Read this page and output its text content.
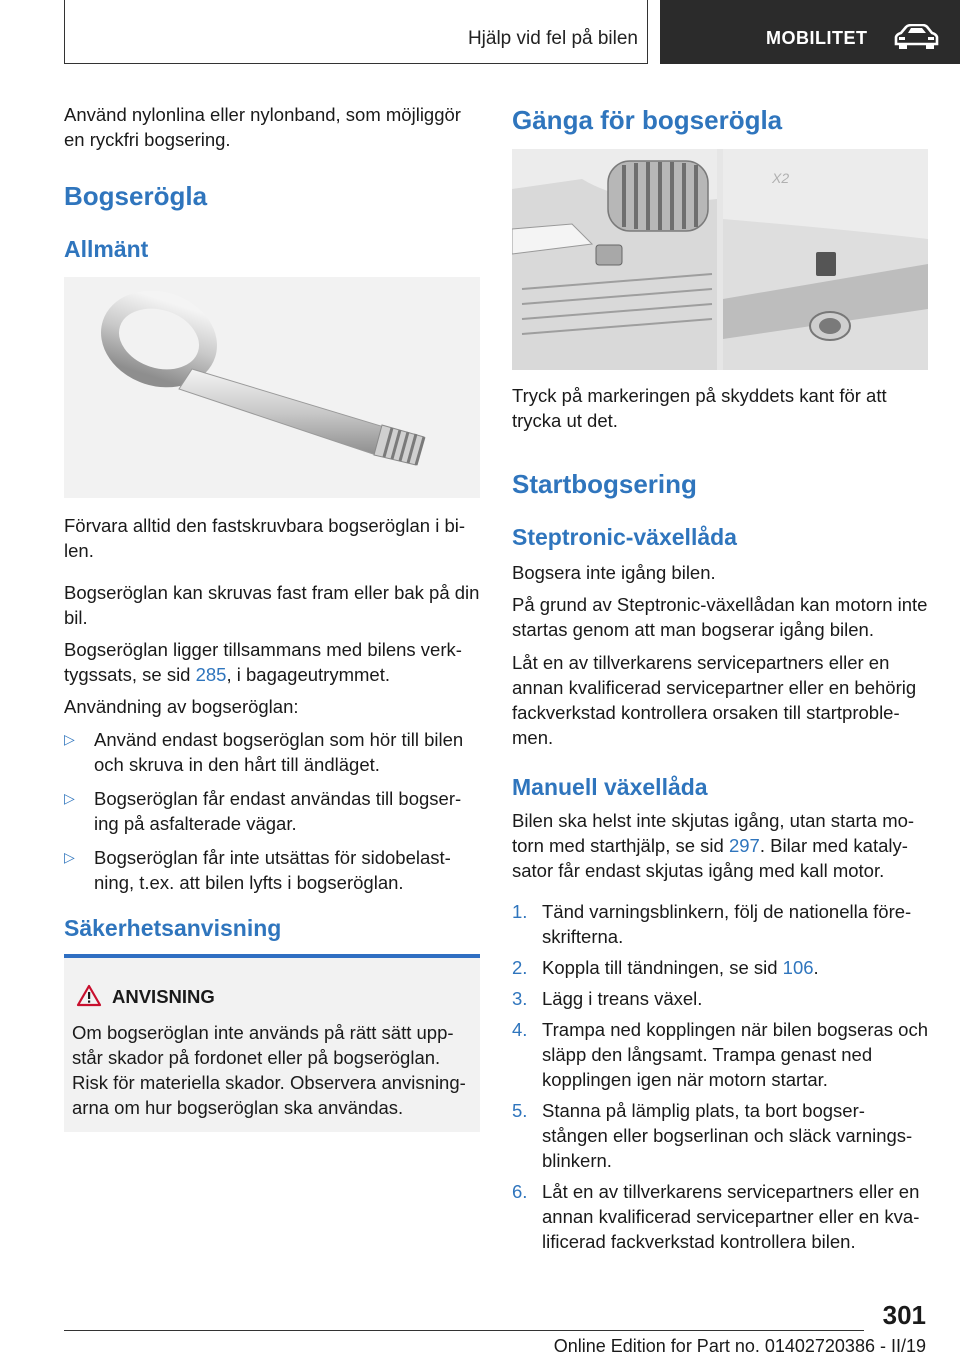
Hjälp vid fel på bilen	MOBILITET

Använd nylonlina eller nylonband, som möjliggör en ryckfri bogsering.

Bogserögla
Allmänt

Förvara alltid den fastskruvbara bogseröglan i bi-len.

Bogseröglan kan skruvas fast fram eller bak på din bil.

Bogseröglan ligger tillsammans med bilens verk-tygssats, se sid 285, i bagageutrymmet.

Användning av bogseröglan:

▷ Använd endast bogseröglan som hör till bilen och skruva in den hårt till ändläget.
▷ Bogseröglan får endast användas till bogser-ing på asfalterade vägar.
▷ Bogseröglan får inte utsättas för sidobelast-ning, t.ex. att bilen lyfts i bogseröglan.
Säkerhetsanvisning
ANVISNING
Om bogseröglan inte används på rätt sätt upp-står skador på fordonet eller på bogseröglan. Risk för materiella skador. Observera anvisning-arna om hur bogseröglan ska användas.
Gänga för bogserögla
X2

Tryck på markeringen på skyddets kant för att trycka ut det.

Startbogsering
Steptronic-växellåda

Bogsera inte igång bilen.

På grund av Steptronic-växellådan kan motorn inte startas genom att man bogserar igång bilen.

Låt en av tillverkarens servicepartners eller en annan kvalificerad servicepartner eller en behörig fackverkstad kontrollera orsaken till startproble-men.

Manuell växellåda

Bilen ska helst inte skjutas igång, utan starta mo-torn med starthjälp, se sid 297. Bilar med kataly-sator får endast skjutas igång med kall motor.

1. Tänd varningsblinkern, följ de nationella före-skrifterna.
2. Koppla till tändningen, se sid 106.
3. Lägg i treans växel.
4. Trampa ned kopplingen när bilen bogseras och släpp den långsamt. Trampa genast ned kopplingen igen när motorn startar.
5. Stanna på lämplig plats, ta bort bogser-stången eller bogserlinan och släck varnings-blinkern.
6. Låt en av tillverkarens servicepartners eller en annan kvalificerad servicepartner eller en kva-lificerad fackverkstad kontrollera bilen.
301
Online Edition for Part no. 01402720386 - II/19
